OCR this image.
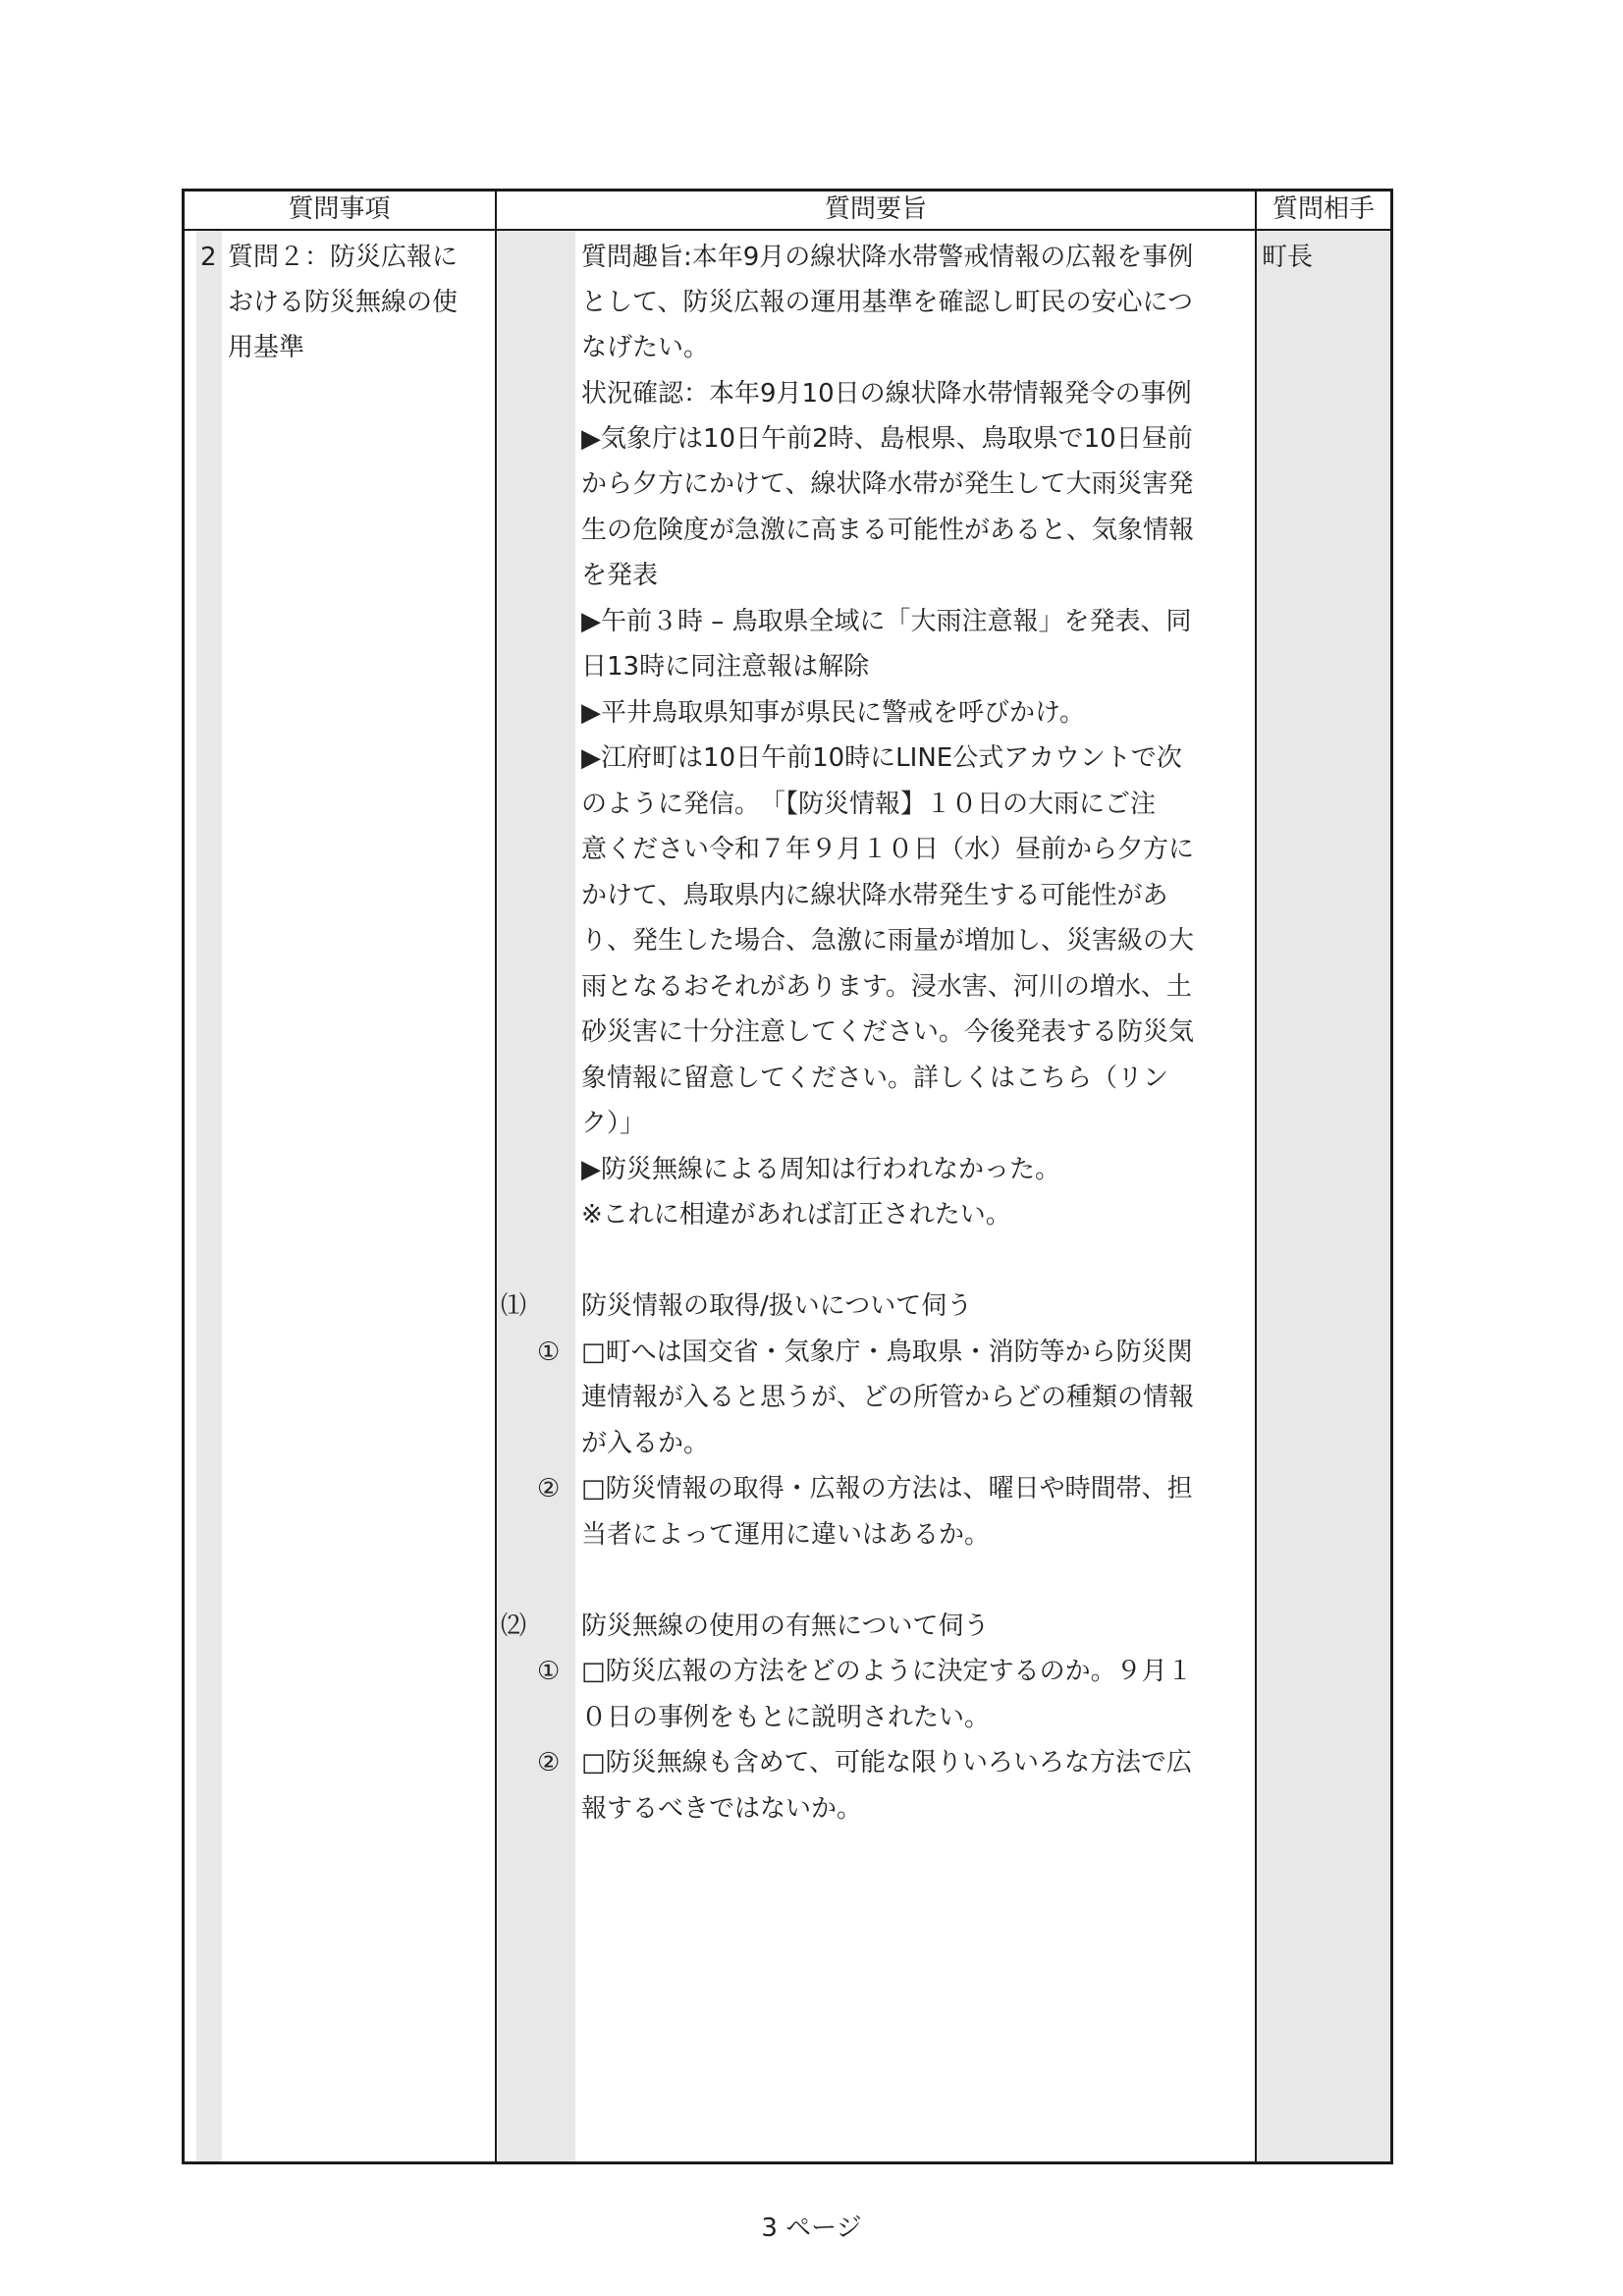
質問事項	質問要旨	質問相手
2 質問２：防災広報に
おける防災無線の使
用基準
町長
質問趣旨:本年9月の線状降水帯警戒情報の広報を事例
として、防災広報の運用基準を確認し町民の安心につ
なげたい。
状況確認：本年9月10日の線状降水帯情報発令の事例
▶気象庁は10日午前2時、島根県、鳥取県で10日昼前
から夕方にかけて、線状降水帯が発生して大雨災害発
生の危険度が急激に高まる可能性があると、気象情報
を発表
▶午前３時 – 鳥取県全域に「大雨注意報」を発表、同
日13時に同注意報は解除
▶平井鳥取県知事が県民に警戒を呼びかけ。
▶江府町は10日午前10時にLINE公式アカウントで次
のように発信。　「【防災情報】１０日の大雨にご注
意ください令和７年９月１０日（水）昼前から夕方に
かけて、鳥取県内に線状降水帯発生する可能性があ
り、発生した場合、急激に雨量が増加し、災害級の大
雨となるおそれがあります。浸水害、河川の増水、土
砂災害に十分注意してください。今後発表する防災気
象情報に留意してください。詳しくはこちら（リン
ク）」
▶防災無線による周知は行われなかった。
※これに相違があれば訂正されたい。
⑴ 防災情報の取得/扱いについて伺う
① □町へは国交省・気象庁・鳥取県・消防等から防災関
連情報が入ると思うが、どの所管からどの種類の情報
が入るか。
② □防災情報の取得・広報の方法は、曜日や時間帯、担
当者によって運用に違いはあるか。
⑵ 防災無線の使用の有無について伺う
① □防災広報の方法をどのように決定するのか。９月１
０日の事例をもとに説明されたい。
② □防災無線も含めて、可能な限りいろいろな方法で広
報するべきではないか。
3 ページ
